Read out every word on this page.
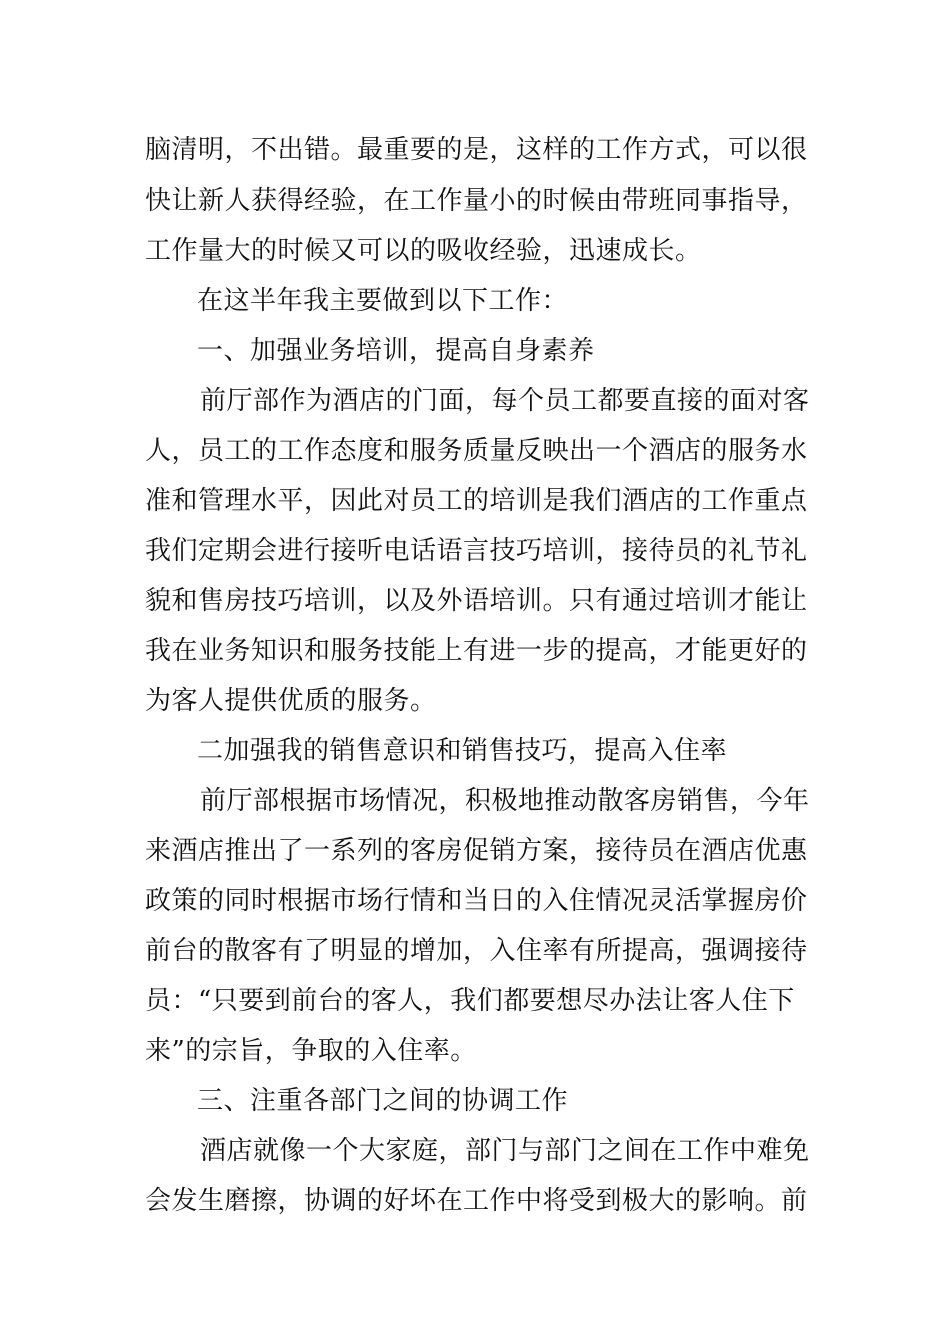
脑清明，不出错。最重要的是，这样的工作方式，可以很
快让新人获得经验，在工作量小的时候由带班同事指导，
工作量大的时候又可以的吸收经验，迅速成长。
在这半年我主要做到以下工作：
一、加强业务培训，提高自身素养
前厅部作为酒店的门面，每个员工都要直接的面对客
人，员工的工作态度和服务质量反映出一个酒店的服务水
准和管理水平，因此对员工的培训是我们酒店的工作重点
我们定期会进行接听电话语言技巧培训，接待员的礼节礼
貌和售房技巧培训，以及外语培训。只有通过培训才能让
我在业务知识和服务技能上有进一步的提高，才能更好的
为客人提供优质的服务。
二加强我的销售意识和销售技巧，提高入住率
前厅部根据市场情况，积极地推动散客房销售，今年
来酒店推出了一系列的客房促销方案，接待员在酒店优惠
政策的同时根据市场行情和当日的入住情况灵活掌握房价
前台的散客有了明显的增加，入住率有所提高，强调接待
员：“只要到前台的客人，我们都要想尽办法让客人住下
来”的宗旨，争取的入住率。
三、注重各部门之间的协调工作
酒店就像一个大家庭，部门与部门之间在工作中难免
会发生磨擦，协调的好坏在工作中将受到极大的影响。前
